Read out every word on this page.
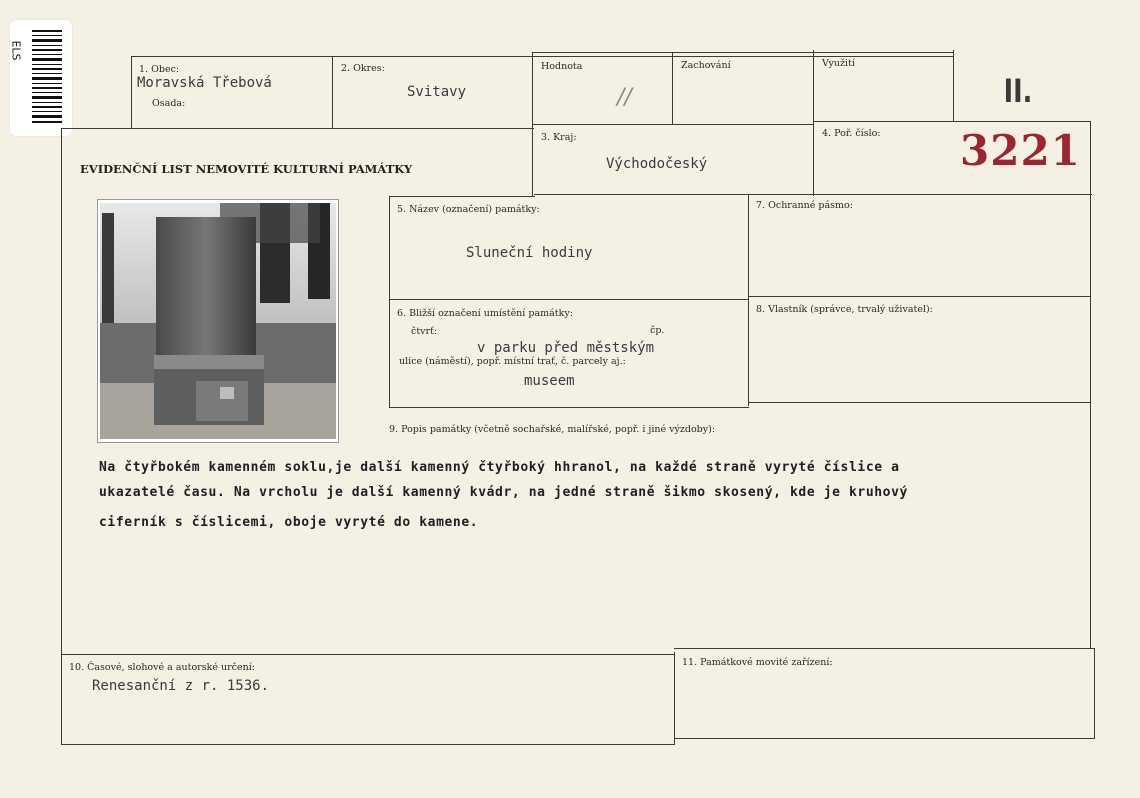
ELS
1. Obec:
Moravská Třebová
Osada:
2. Okres:
Svitavy
Hodnota
//
Zachování	Využití
II.
EVIDENČNÍ LIST NEMOVITÉ KULTURNÍ PAMÁTKY
3. Kraj:
Východočeský
4. Poř. číslo: 3221
5. Název (označení) památky:
Sluneční hodiny
7. Ochranné pásmo:
6. Bližší označení umístění památky:
čtvrť:	čp.
ulice (náměstí), popř. místní trať, č. parcely aj.:
v parku před městským
museem
8. Vlastník (správce, trvalý uživatel):
9. Popis památky (včetně sochařské, malířské, popř. i jiné výzdoby):
Na čtyřbokém kamenném soklu,je další kamenný čtyřboký hhranol, na každé straně vyryté číslice a
ukazatelé času. Na vrcholu je další kamenný kvádr, na jedné straně šikmo skosený, kde je kruhový
ciferník s číslicemi, oboje vyryté do kamene.
10. Časové, slohové a autorské určení:
Renesanční z r. 1536.
11. Památkové movité zařízení:
